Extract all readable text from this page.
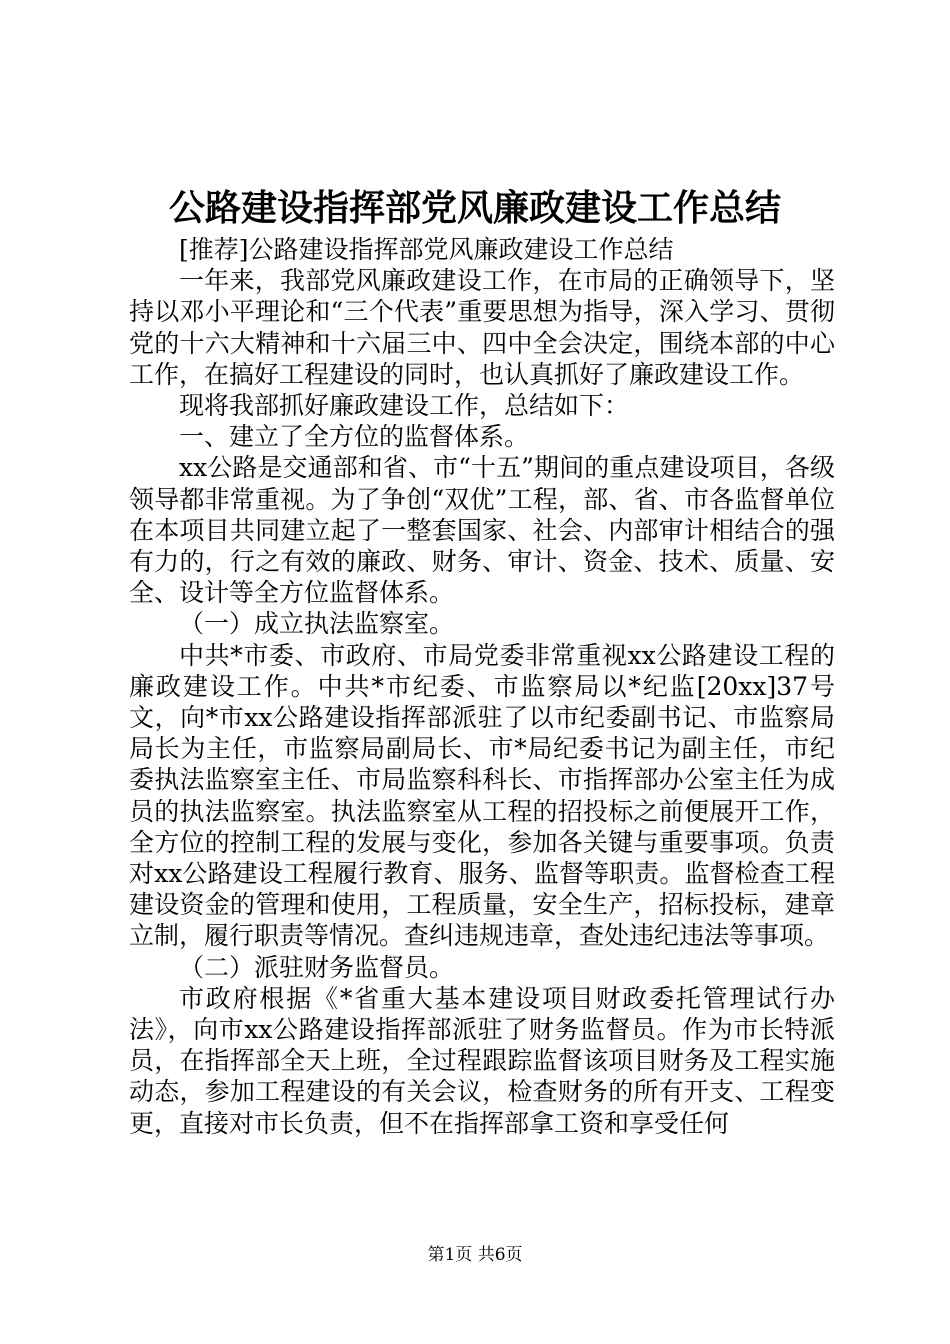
公路建设指挥部党风廉政建设工作总结

[推荐]公路建设指挥部党风廉政建设工作总结

一年来，我部党风廉政建设工作，在市局的正确领导下，坚持以邓小平理论和“三个代表”重要思想为指导，深入学习、贯彻党的十六大精神和十六届三中、四中全会决定，围绕本部的中心工作，在搞好工程建设的同时，也认真抓好了廉政建设工作。

现将我部抓好廉政建设工作，总结如下：

一、建立了全方位的监督体系。

xx公路是交通部和省、市“十五”期间的重点建设项目，各级领导都非常重视。为了争创“双优”工程，部、省、市各监督单位在本项目共同建立起了一整套国家、社会、内部审计相结合的强有力的，行之有效的廉政、财务、审计、资金、技术、质量、安全、设计等全方位监督体系。

（一）成立执法监察室。

中共*市委、市政府、市局党委非常重视xx公路建设工程的廉政建设工作。中共*市纪委、市监察局以*纪监[20xx]37号文，向*市xx公路建设指挥部派驻了以市纪委副书记、市监察局局长为主任，市监察局副局长、市*局纪委书记为副主任，市纪委执法监察室主任、市局监察科科长、市指挥部办公室主任为成员的执法监察室。执法监察室从工程的招投标之前便展开工作，全方位的控制工程的发展与变化，参加各关键与重要事项。负责对xx公路建设工程履行教育、服务、监督等职责。监督检查工程建设资金的管理和使用，工程质量，安全生产，招标投标，建章立制，履行职责等情况。查纠违规违章，查处违纪违法等事项。

（二）派驻财务监督员。

市政府根据《*省重大基本建设项目财政委托管理试行办法》，向市xx公路建设指挥部派驻了财务监督员。作为市长特派员，在指挥部全天上班，全过程跟踪监督该项目财务及工程实施动态，参加工程建设的有关会议，检查财务的所有开支、工程变更，直接对市长负责，但不在指挥部拿工资和享受任何

第1页 共6页
